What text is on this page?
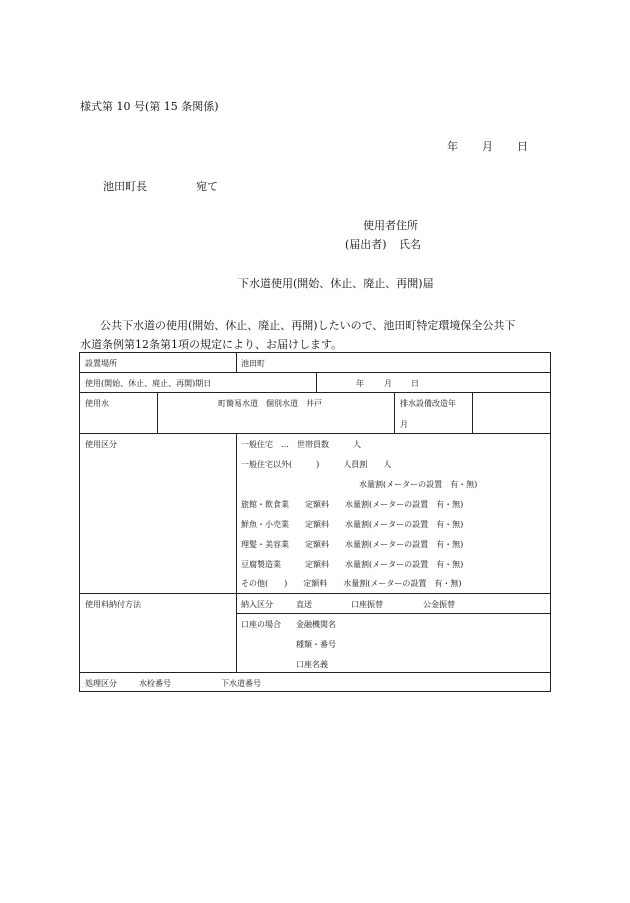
様式第 10 号(第 15 条関係)
年 月 日
池田町長	宛て
使用者住所
(届出者) 氏名
下水道使用(開始、休止、廃止、再開)届
公共下水道の使用(開始、休止、廃止、再開)したいので、池田町特定環境保全公共下
水道条例第12条第1項の規定により、お届けします。
設置場所	池田町
使用(開始、休止、廃止、再開)期日	年	月 日
使用水	町簡易水道　個別水道　井戸	排水設備改造年
月
使用区分	一般住宅　…　世帯員数　　　人
一般住宅以外(　　　)　　　人員割　　人
水量割(メーターの設置　有・無)
旅館・飲食業　　定額料　　水量割(メーターの設置　有・無)
鮮魚・小売業　　定額料　　水量割(メーターの設置　有・無)
理髪・美容業　　定額料　　水量割(メーターの設置　有・無)
豆腐製造業　　　定額料　　水量割(メーターの設置　有・無)
その他(　　)　　定額料　　水量割(メーターの設置　有・無)
使用料納付方法	納入区分	直送	口座振替	公金振替
口座の場合 金融機関名
種類・番号
口座名義
処理区分	水栓番号	下水道番号
